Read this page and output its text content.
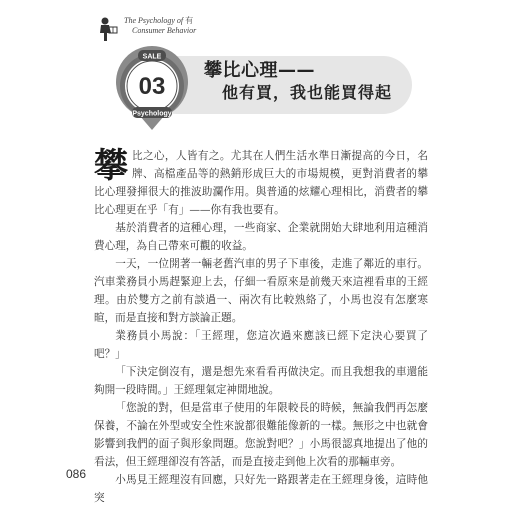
The Psychology of 有
Consumer Behavior
SALE
03
Psychology
攀比心理——
他有買，我也能買得起

攀比之心，人皆有之。尤其在人們生活水準日漸提高的今日，名牌、高檔產品等的熱銷形成巨大的市場規模，更對消費者的攀比心理發揮很大的推波助瀾作用。與普通的炫耀心理相比，消費者的攀比心理更在乎「有」——你有我也要有。

基於消費者的這種心理，一些商家、企業就開始大肆地利用這種消費心理，為自己帶來可觀的收益。

一天，一位開著一輛老舊汽車的男子下車後，走進了鄰近的車行。汽車業務員小馬趕緊迎上去，仔細一看原來是前幾天來這裡看車的王經理。由於雙方之前有談過一、兩次有比較熟絡了，小馬也沒有怎麼寒暄，而是直接和對方談論正題。

業務員小馬說：「王經理，您這次過來應該已經下定決心要買了吧？」

「下決定倒沒有，還是想先來看看再做決定。而且我想我的車還能夠開一段時間。」王經理氣定神閒地說。

「您說的對，但是當車子使用的年限較長的時候，無論我們再怎麼保養，不論在外型或安全性來說都很難能像新的一樣。無形之中也就會影響到我們的面子與形象問題。您說對吧？」小馬很認真地提出了他的看法，但王經理卻沒有答話，而是直接走到他上次看的那輛車旁。

小馬見王經理沒有回應，只好先一路跟著走在王經理身後，這時他突

086
